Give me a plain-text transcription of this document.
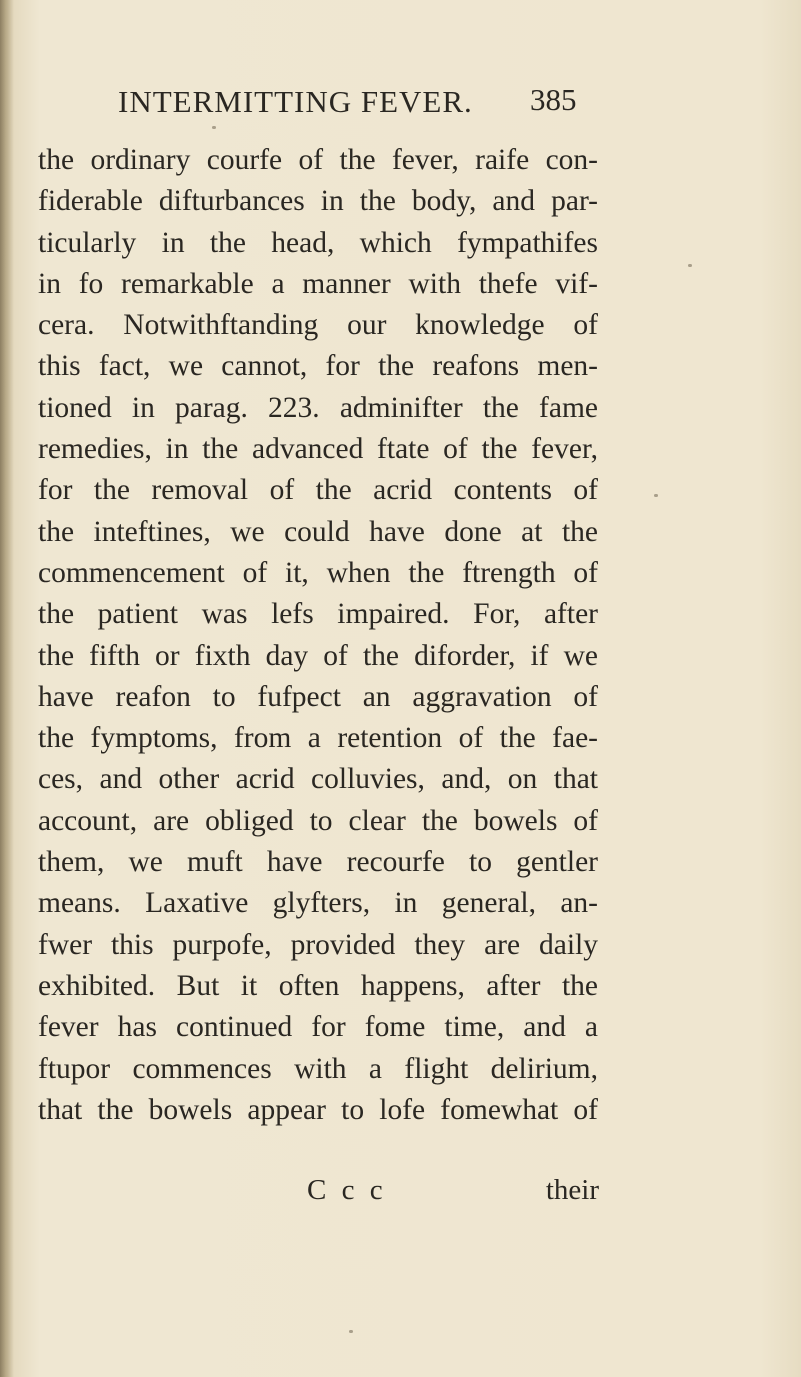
INTERMITTING FEVER. 385
the ordinary courfe of the fever, raife con-
fiderable difturbances in the body, and par-
ticularly in the head, which fympathifes
in fo remarkable a manner with thefe vif-
cera. Notwithftanding our knowledge of
this fact, we cannot, for the reafons men-
tioned in parag. 223. adminifter the fame
remedies, in the advanced ftate of the fever,
for the removal of the acrid contents of
the inteftines, we could have done at the
commencement of it, when the ftrength of
the patient was lefs impaired. For, after
the fifth or fixth day of the diforder, if we
have reafon to fufpect an aggravation of
the fymptoms, from a retention of the fae-
ces, and other acrid colluvies, and, on that
account, are obliged to clear the bowels of
them, we muft have recourfe to gentler
means. Laxative glyfters, in general, an-
fwer this purpofe, provided they are daily
exhibited. But it often happens, after the
fever has continued for fome time, and a
ftupor commences with a flight delirium,
that the bowels appear to lofe fomewhat of
C c c	their
